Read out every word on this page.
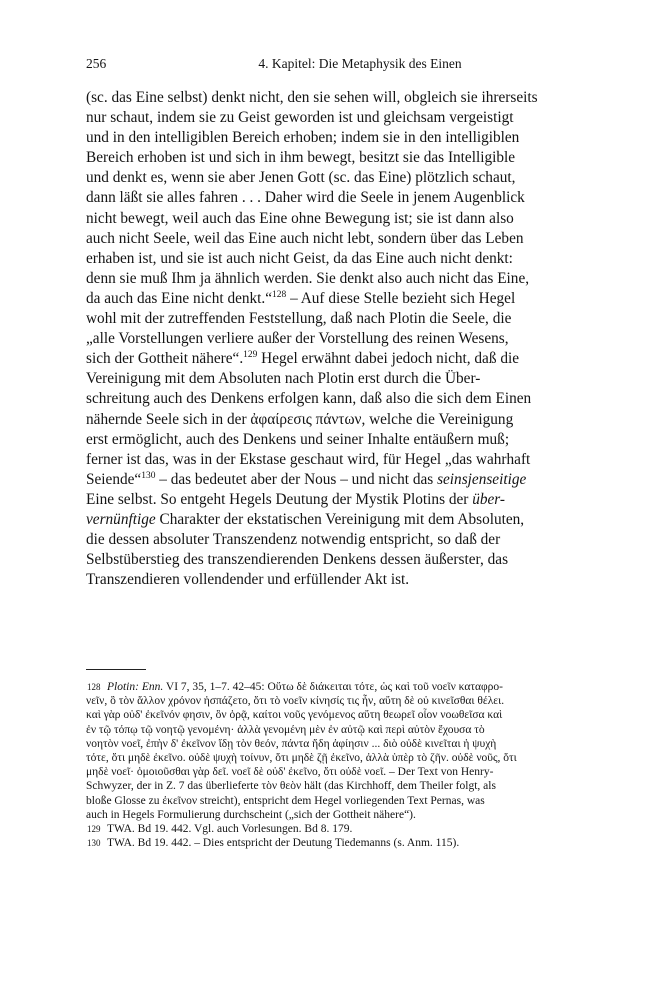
256	4. Kapitel: Die Metaphysik des Einen
(sc. das Eine selbst) denkt nicht, den sie sehen will, obgleich sie ihrerseits
nur schaut, indem sie zu Geist geworden ist und gleichsam vergeistigt
und in den intelligiblen Bereich erhoben; indem sie in den intelligiblen
Bereich erhoben ist und sich in ihm bewegt, besitzt sie das Intelligible
und denkt es, wenn sie aber Jenen Gott (sc. das Eine) plötzlich schaut,
dann läßt sie alles fahren . . . Daher wird die Seele in jenem Augenblick
nicht bewegt, weil auch das Eine ohne Bewegung ist; sie ist dann also
auch nicht Seele, weil das Eine auch nicht lebt, sondern über das Leben
erhaben ist, und sie ist auch nicht Geist, da das Eine auch nicht denkt:
denn sie muß Ihm ja ähnlich werden. Sie denkt also auch nicht das Eine,
da auch das Eine nicht denkt.“$^{128}$ – Auf diese Stelle bezieht sich Hegel
wohl mit der zutreffenden Feststellung, daß nach Plotin die Seele, die
„alle Vorstellungen verliere außer der Vorstellung des reinen Wesens,
sich der Gottheit nähere“.$^{129}$ Hegel erwähnt dabei jedoch nicht, daß die
Vereinigung mit dem Absoluten nach Plotin erst durch die Über-
schreitung auch des Denkens erfolgen kann, daß also die sich dem Einen
nähernde Seele sich in der ἀφαίρεσις πάντων, welche die Vereinigung
erst ermöglicht, auch des Denkens und seiner Inhalte entäußern muß;
ferner ist das, was in der Ekstase geschaut wird, für Hegel „das wahrhaft
Seiende“$^{130}$ – das bedeutet aber der Nous – und nicht das seinsjenseitige
Eine selbst. So entgeht Hegels Deutung der Mystik Plotins der über-
vernünftige Charakter der ekstatischen Vereinigung mit dem Absoluten,
die dessen absoluter Transzendenz notwendig entspricht, so daß der
Selbstüberstieg des transzendierenden Denkens dessen äußerster, das
Transzendieren vollendender und erfüllender Akt ist.
128 Plotin: Enn. VI 7, 35, 1–7. 42–45: Οὕτω δὲ διάκειται τότε, ὡς καὶ τοῦ νοεῖν καταφρο-
νεῖν, ὃ τὸν ἄλλον χρόνον ἠσπάζετο, ὅτι τὸ νοεῖν κίνησίς τις ἦν, αὕτη δὲ οὐ κινεῖσθαι θέλει.
καὶ γὰρ οὐδ' ἐκεῖνόν φησιν, ὃν ὁρᾷ, καίτοι νοῦς γενόμενος αὕτη θεωρεῖ οἷον νοωθεῖσα καὶ
ἐν τῷ τόπῳ τῷ νοητῷ γενομένη· ἀλλὰ γενομένη μὲν ἐν αὐτῷ καὶ περὶ αὐτὸν ἔχουσα τὸ
νοητὸν νοεῖ, ἐπὴν δ' ἐκεῖνον ἴδῃ τὸν θεόν, πάντα ἤδη ἀφίησιν ... διὸ οὐδὲ κινεῖται ἡ ψυχὴ
τότε, ὅτι μηδὲ ἐκεῖνο. οὐδὲ ψυχὴ τοίνυν, ὅτι μηδὲ ζῇ ἐκεῖνο, ἀλλὰ ὑπὲρ τὸ ζῆν. οὐδὲ νοῦς, ὅτι
μηδὲ νοεῖ· ὁμοιοῦσθαι γὰρ δεῖ. νοεῖ δὲ οὐδ' ἐκεῖνο, ὅτι οὐδὲ νοεῖ. – Der Text von Henry-
Schwyzer, der in Z. 7 das überlieferte τὸν θεὸν hält (das Kirchhoff, dem Theiler folgt, als
bloße Glosse zu ἐκεῖνον streicht), entspricht dem Hegel vorliegenden Text Pernas, was
auch in Hegels Formulierung durchscheint („sich der Gottheit nähere“).
129 TWA. Bd 19. 442. Vgl. auch Vorlesungen. Bd 8. 179.
130 TWA. Bd 19. 442. – Dies entspricht der Deutung Tiedemanns (s. Anm. 115).
